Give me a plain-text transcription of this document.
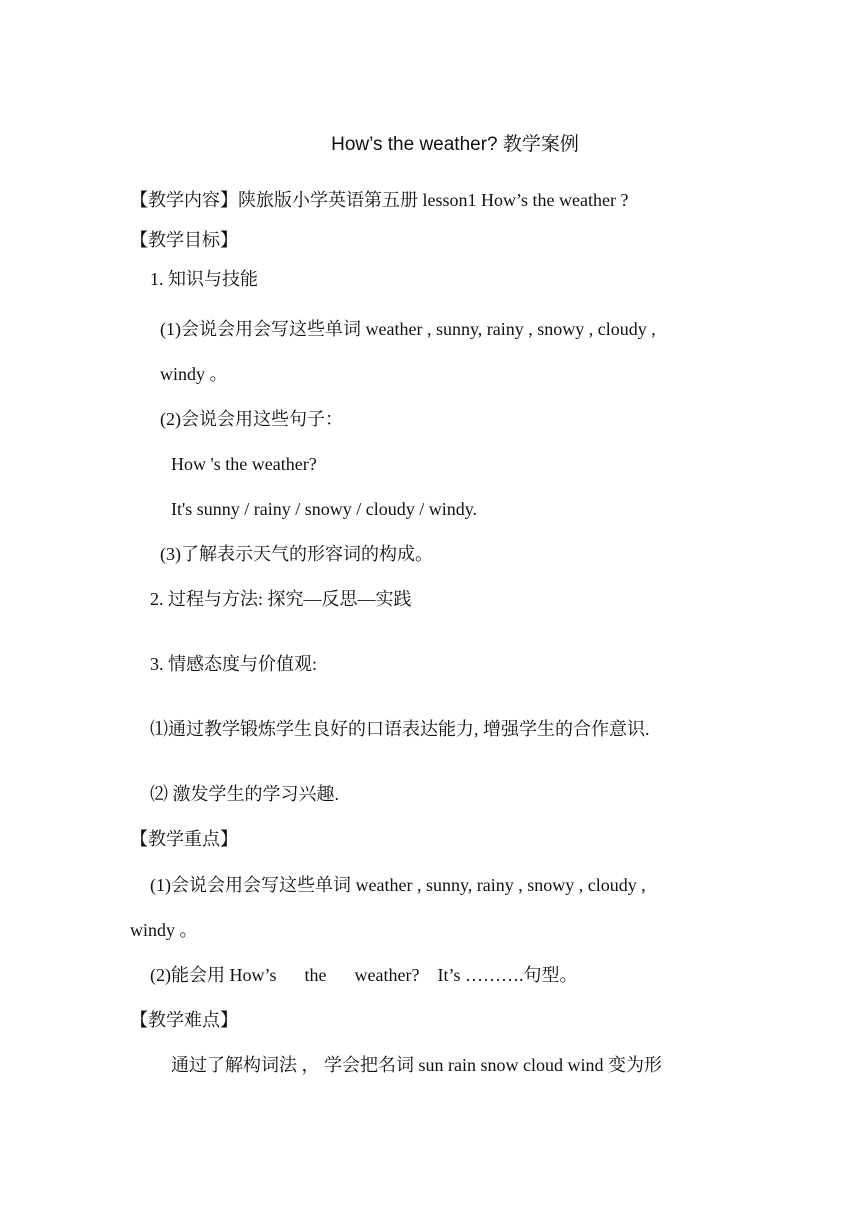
How’s the weather? 教学案例
【教学内容】陕旅版小学英语第五册 lesson1 How’s the weather ?
【教学目标】
1. 知识与技能
(1)会说会用会写这些单词 weather , sunny, rainy , snowy , cloudy ,
windy 。
(2)会说会用这些句子：
How 's the weather?
It's sunny / rainy / snowy / cloudy / windy.
(3)了解表示天气的形容词的构成。
2. 过程与方法: 探究—反思—实践
3. 情感态度与价值观:
⑴通过教学锻炼学生良好的口语表达能力, 增强学生的合作意识.
⑵ 激发学生的学习兴趣.
【教学重点】
(1)会说会用会写这些单词 weather , sunny, rainy , snowy , cloudy ,
windy 。
(2)能会用 How’s the weather? It’s ……….句型。
【教学难点】
通过了解构词法 ， 学会把名词 sun rain snow cloud wind 变为形
